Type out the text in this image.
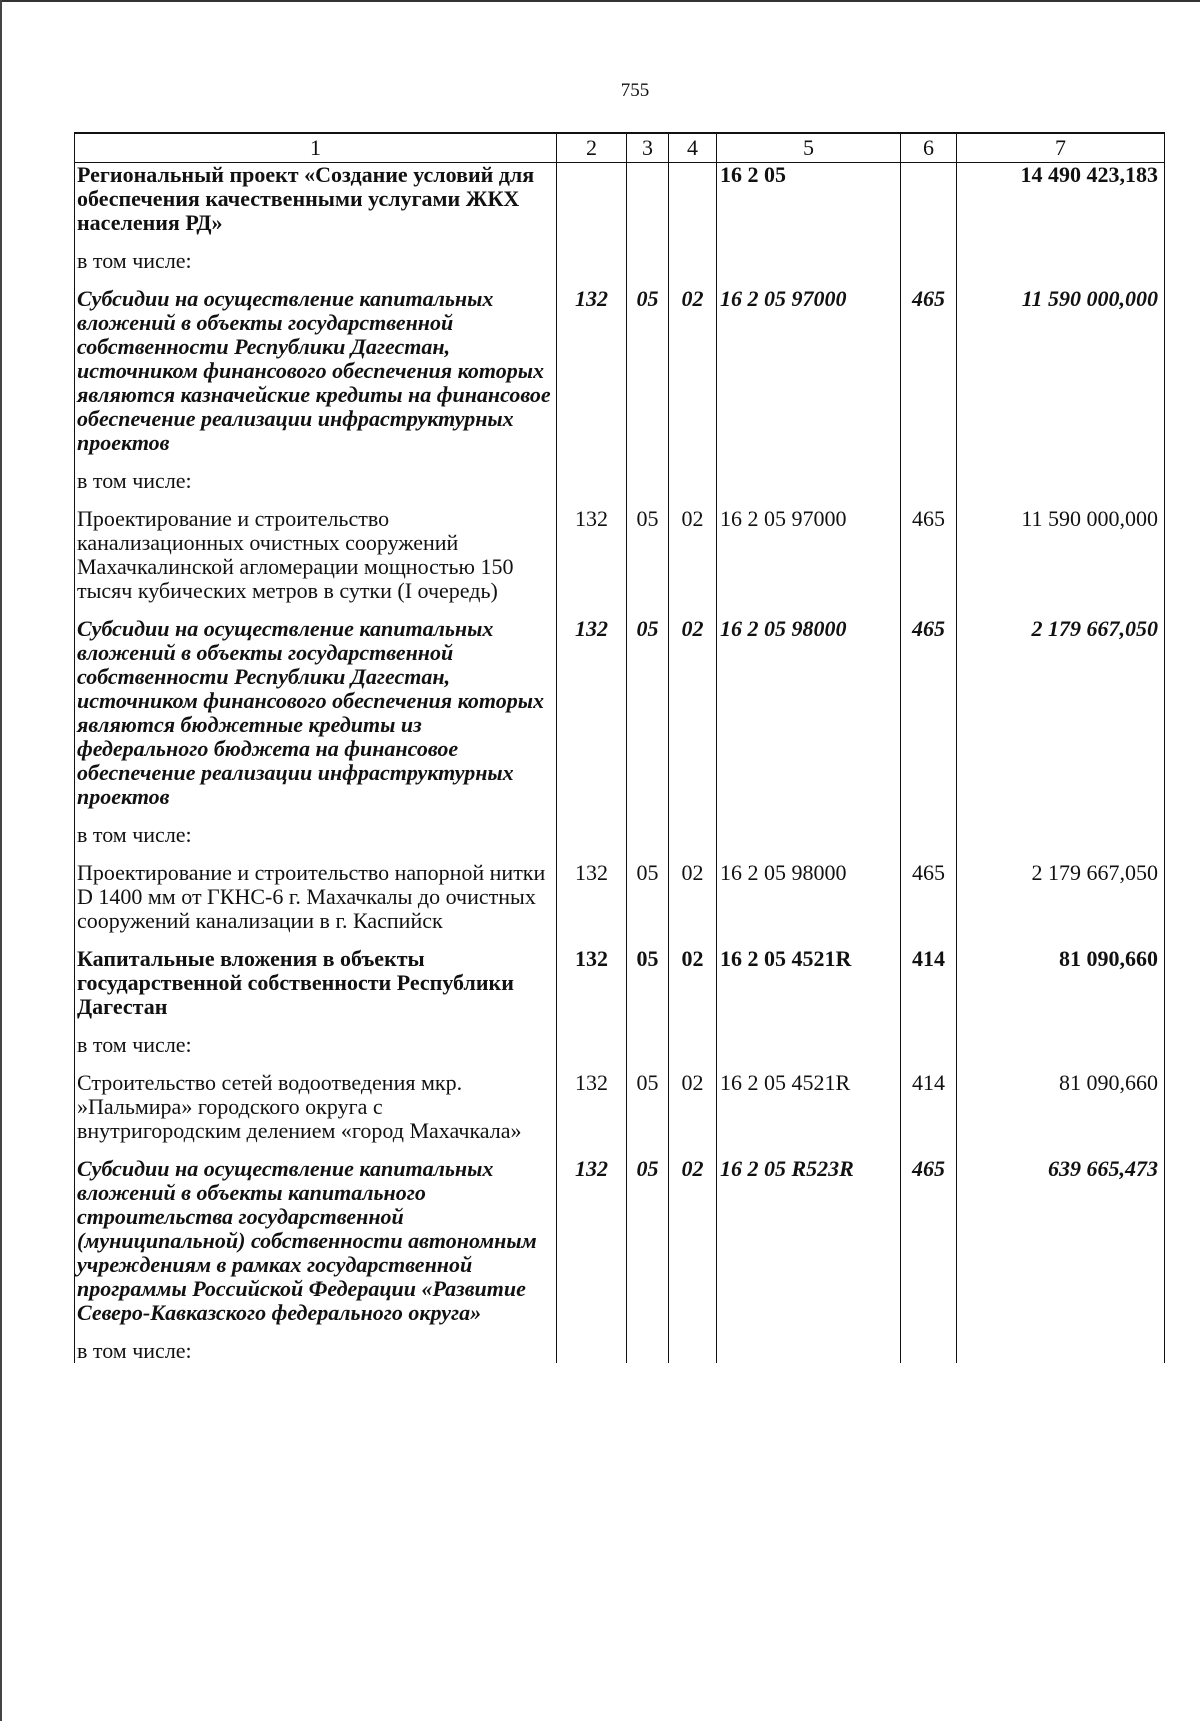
755
1	2	3	4	5	6	7
Региональный проект «Создание условий для обеспечения качественными услугами ЖКХ населения РД»				16 2 05		14 490 423,183

в том числе:						

Субсидии на осуществление капитальных вложений в объекты государственной собственности Республики Дагестан, источником финансового обеспечения которых являются казначейские кредиты на финансовое обеспечение реализации инфраструктурных проектов	132	05	02	16 2 05 97000	465	11 590 000,000

в том числе:						

Проектирование и строительство канализационных очистных сооружений Махачкалинской агломерации мощностью 150 тысяч кубических метров в сутки (I очередь)	132	05	02	16 2 05 97000	465	11 590 000,000

Субсидии на осуществление капитальных вложений в объекты государственной собственности Республики Дагестан, источником финансового обеспечения которых являются бюджетные кредиты из федерального бюджета на финансовое обеспечение реализации инфраструктурных проектов	132	05	02	16 2 05 98000	465	2 179 667,050

в том числе:						

Проектирование и строительство напорной нитки D 1400 мм от ГКНС-6 г. Махачкалы до очистных сооружений канализации в г. Каспийск	132	05	02	16 2 05 98000	465	2 179 667,050

Капитальные вложения в объекты государственной собственности Республики Дагестан	132	05	02	16 2 05 4521R	414	81 090,660

в том числе:						

Строительство сетей водоотведения мкр. »Пальмира» городского округа с внутригородским делением «город Махачкала»	132	05	02	16 2 05 4521R	414	81 090,660

Субсидии на осуществление капитальных вложений в объекты капитального строительства государственной (муниципальной) собственности автономным учреждениям в рамках государственной программы Российской Федерации «Развитие Северо-Кавказского федерального округа»	132	05	02	16 2 05 R523R	465	639 665,473

в том числе:						
